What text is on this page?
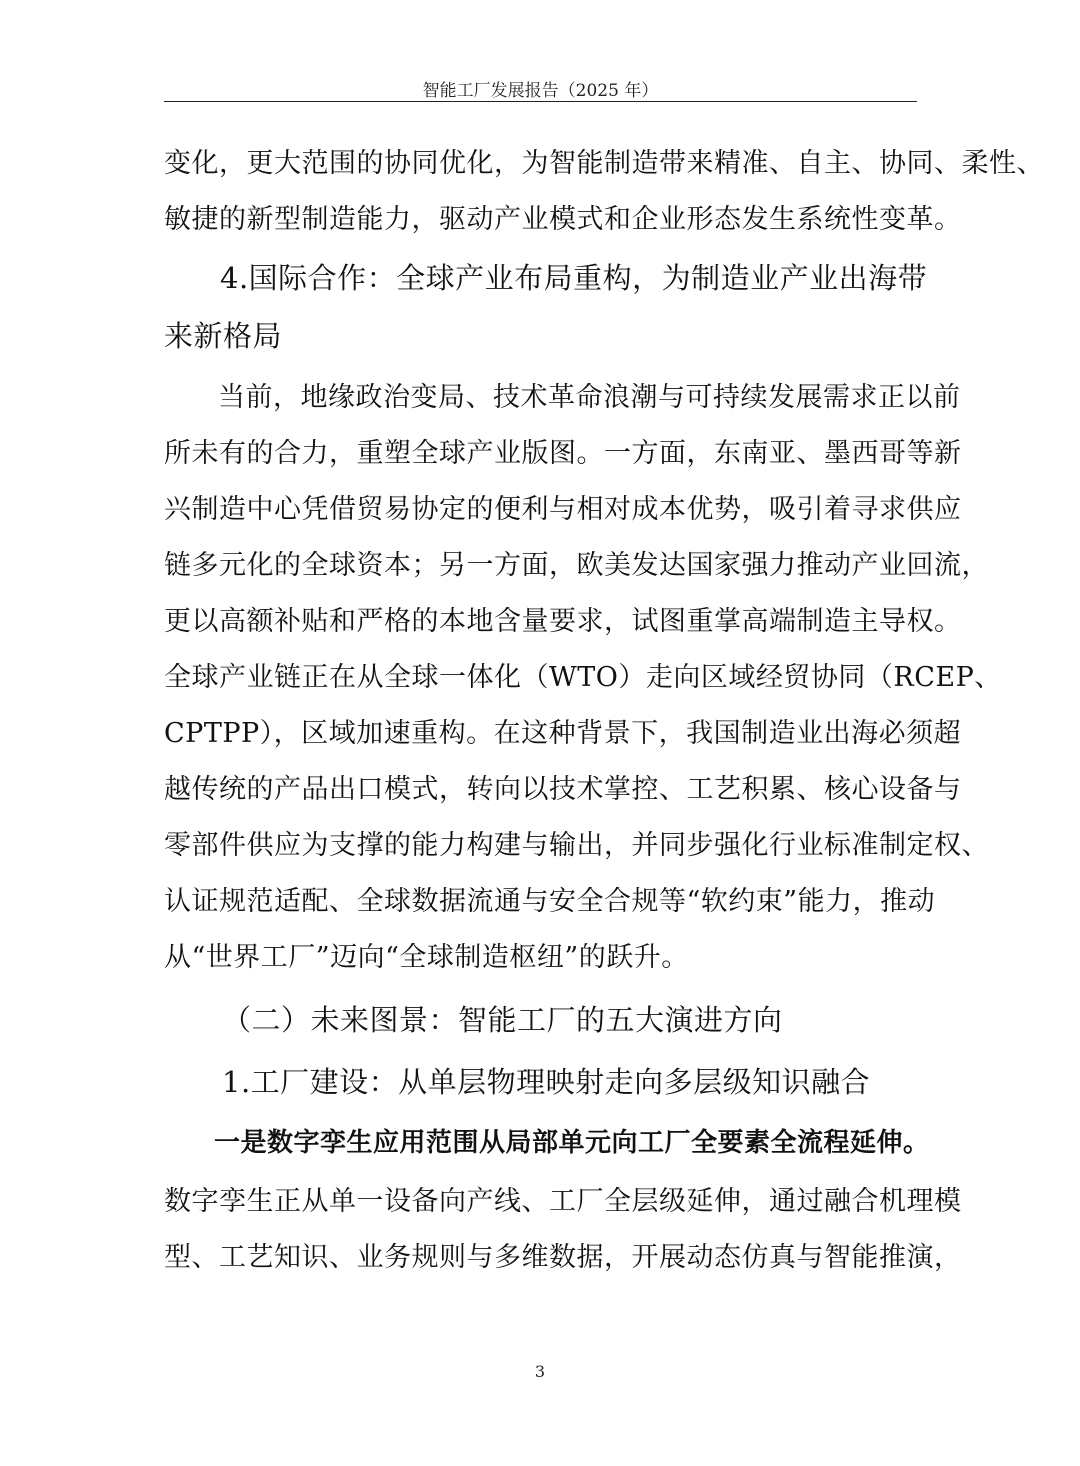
智能工厂发展报告（2025 年）
变化，更大范围的协同优化，为智能制造带来精准、自主、协同、柔性、
敏捷的新型制造能力，驱动产业模式和企业形态发生系统性变革。
4.国际合作：全球产业布局重构，为制造业产业出海带
来新格局
当前，地缘政治变局、技术革命浪潮与可持续发展需求正以前
所未有的合力，重塑全球产业版图。一方面，东南亚、墨西哥等新
兴制造中心凭借贸易协定的便利与相对成本优势，吸引着寻求供应
链多元化的全球资本；另一方面，欧美发达国家强力推动产业回流，
更以高额补贴和严格的本地含量要求，试图重掌高端制造主导权。
全球产业链正在从全球一体化（WTO）走向区域经贸协同（RCEP、
CPTPP），区域加速重构。在这种背景下，我国制造业出海必须超
越传统的产品出口模式，转向以技术掌控、工艺积累、核心设备与
零部件供应为支撑的能力构建与输出，并同步强化行业标准制定权、
认证规范适配、全球数据流通与安全合规等“软约束”能力，推动
从“世界工厂”迈向“全球制造枢纽”的跃升。
（二）未来图景：智能工厂的五大演进方向
1.工厂建设：从单层物理映射走向多层级知识融合
一是数字孪生应用范围从局部单元向工厂全要素全流程延伸。
数字孪生正从单一设备向产线、工厂全层级延伸，通过融合机理模
型、工艺知识、业务规则与多维数据，开展动态仿真与智能推演，
3
